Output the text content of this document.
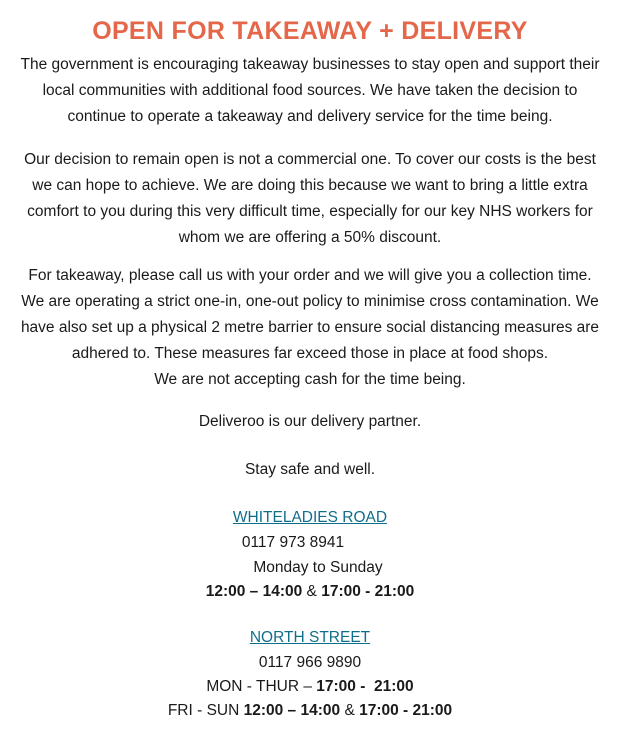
OPEN FOR TAKEAWAY + DELIVERY
The government is encouraging takeaway businesses to stay open and support their
local communities with additional food sources. We have taken the decision to
continue to operate a takeaway and delivery service for the time being.
Our decision to remain open is not a commercial one. To cover our costs is the best
we can hope to achieve. We are doing this because we want to bring a little extra
comfort to you during this very difficult time, especially for our key NHS workers for
whom we are offering a 50% discount.
For takeaway, please call us with your order and we will give you a collection time.
We are operating a strict one-in, one-out policy to minimise cross contamination. We
have also set up a physical 2 metre barrier to ensure social distancing measures are
adhered to. These measures far exceed those in place at food shops.
We are not accepting cash for the time being.
Deliveroo is our delivery partner.
Stay safe and well.
WHITELADIES ROAD
0117 973 8941
Monday to Sunday
12:00 – 14:00 & 17:00 - 21:00
NORTH STREET
0117 966 9890
MON - THUR – 17:00 -  21:00
FRI - SUN 12:00 – 14:00 & 17:00 - 21:00
